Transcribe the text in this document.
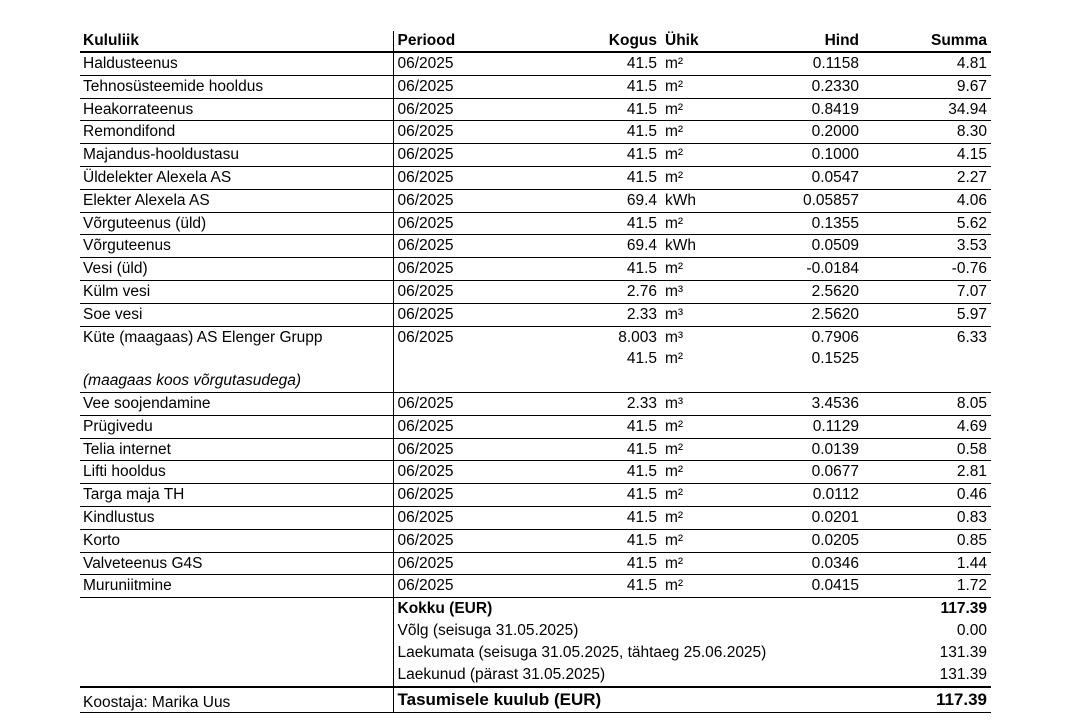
Kululiik	Periood	Kogus	Ühik	Hind	Summa
Haldusteenus	06/2025	41.5	m²	0.1158	4.81
Tehnosüsteemide hooldus	06/2025	41.5	m²	0.2330	9.67
Heakorrateenus	06/2025	41.5	m²	0.8419	34.94
Remondifond	06/2025	41.5	m²	0.2000	8.30
Majandus-hooldustasu	06/2025	41.5	m²	0.1000	4.15
Üldelekter Alexela AS	06/2025	41.5	m²	0.0547	2.27
Elekter Alexela AS	06/2025	69.4	kWh	0.05857	4.06
Võrguteenus (üld)	06/2025	41.5	m²	0.1355	5.62
Võrguteenus	06/2025	69.4	kWh	0.0509	3.53
Vesi (üld)	06/2025	41.5	m²	-0.0184	-0.76
Külm vesi	06/2025	2.76	m³	2.5620	7.07
Soe vesi	06/2025	2.33	m³	2.5620	5.97
Küte (maagaas) AS Elenger Grupp	06/2025	8.003	m³	0.7906	6.33
		41.5	m²	0.1525	
(maagaas koos võrgutasudega)					
Vee soojendamine	06/2025	2.33	m³	3.4536	8.05
Prügivedu	06/2025	41.5	m²	0.1129	4.69
Telia internet	06/2025	41.5	m²	0.0139	0.58
Lifti hooldus	06/2025	41.5	m²	0.0677	2.81
Targa maja TH	06/2025	41.5	m²	0.0112	0.46
Kindlustus	06/2025	41.5	m²	0.0201	0.83
Korto	06/2025	41.5	m²	0.0205	0.85
Valveteenus G4S	06/2025	41.5	m²	0.0346	1.44
Muruniitmine	06/2025	41.5	m²	0.0415	1.72
	Kokku (EUR)				117.39
	Võlg (seisuga 31.05.2025)				0.00
	Laekumata (seisuga 31.05.2025, tähtaeg 25.06.2025)				131.39
	Laekunud (pärast 31.05.2025)				131.39
	Tasumisele kuulub (EUR)				117.39
Koostaja: Marika Uus
